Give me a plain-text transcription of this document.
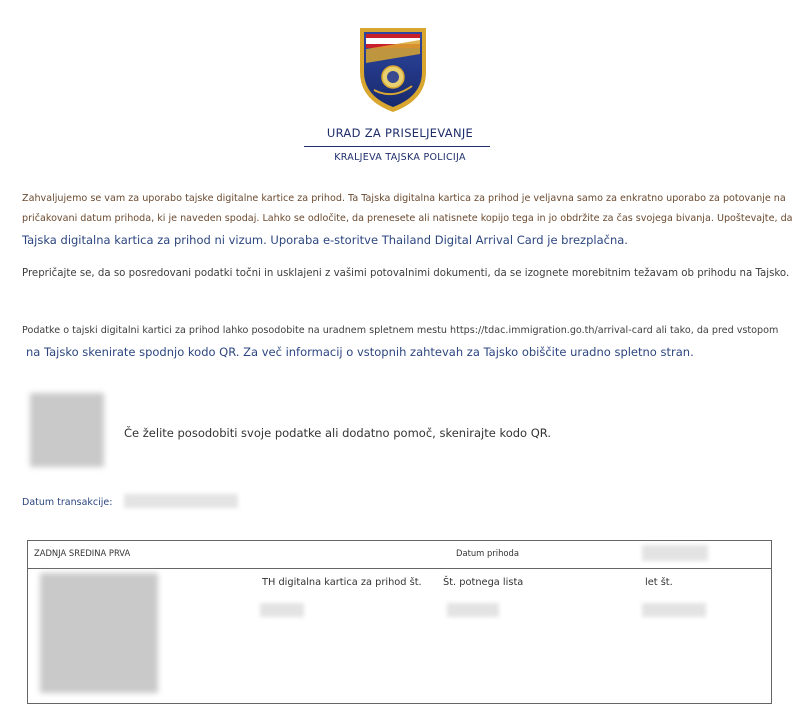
URAD ZA PRISELJEVANJE
KRALJEVA TAJSKA POLICIJA
Zahvaljujemo se vam za uporabo tajske digitalne kartice za prihod. Ta Tajska digitalna kartica za prihod je veljavna samo za enkratno uporabo za potovanje na
pričakovani datum prihoda, ki je naveden spodaj. Lahko se odločite, da prenesete ali natisnete kopijo tega in jo obdržite za čas svojega bivanja. Upoštevajte, da
Tajska digitalna kartica za prihod ni vizum. Uporaba e-storitve Thailand Digital Arrival Card je brezplačna.
Prepričajte se, da so posredovani podatki točni in usklajeni z vašimi potovalnimi dokumenti, da se izognete morebitnim težavam ob prihodu na Tajsko.
Podatke o tajski digitalni kartici za prihod lahko posodobite na uradnem spletnem mestu https://tdac.immigration.go.th/arrival-card ali tako, da pred vstopom
na Tajsko skenirate spodnjo kodo QR. Za več informacij o vstopnih zahtevah za Tajsko obiščite uradno spletno stran.
Če želite posodobiti svoje podatke ali dodatno pomoč, skenirajte kodo QR.
Datum transakcije:
ZADNJA SREDINA PRVA	Datum prihoda
TH digitalna kartica za prihod št. Št. potnega lista	let št.
